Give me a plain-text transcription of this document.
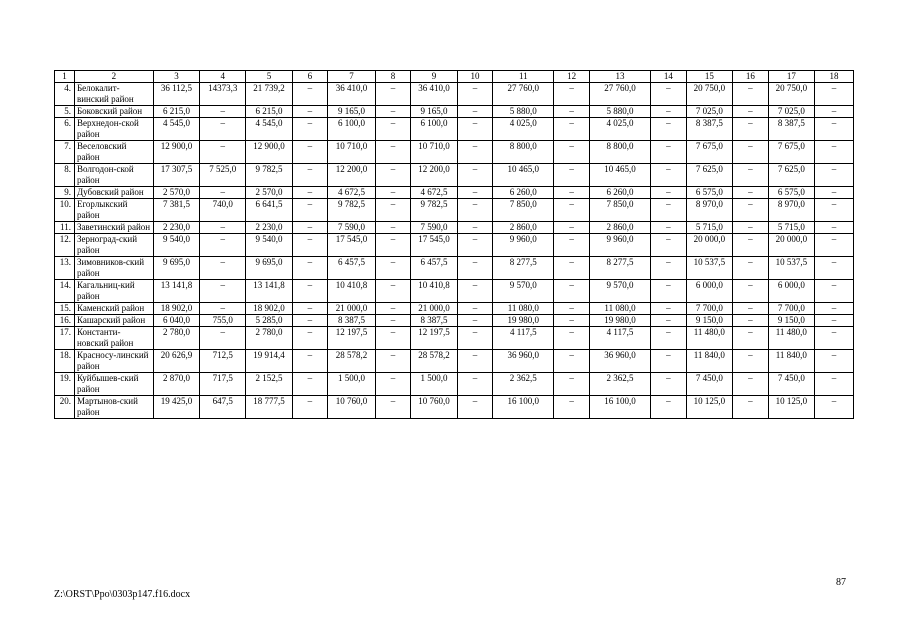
1	2	3	4	5	6	7	8	9	10	11	12	13	14	15	16	17	18
4.	Белокалит-винский район	36 112,5	14373,3	21 739,2	–	36 410,0	–	36 410,0	–	27 760,0	–	27 760,0	–	20 750,0	–	20 750,0	–
5.	Боковский район	6 215,0	–	6 215,0	–	9 165,0	–	9 165,0	–	5 880,0	–	5 880,0	–	7 025,0	–	7 025,0	–
6.	Верхнедон-ской район	4 545,0	–	4 545,0	–	6 100,0	–	6 100,0	–	4 025,0	–	4 025,0	–	8 387,5	–	8 387,5	–
7.	Веселовский район	12 900,0	–	12 900,0	–	10 710,0	–	10 710,0	–	8 800,0	–	8 800,0	–	7 675,0	–	7 675,0	–
8.	Волгодон-ской район	17 307,5	7 525,0	9 782,5	–	12 200,0	–	12 200,0	–	10 465,0	–	10 465,0	–	7 625,0	–	7 625,0	–
9.	Дубовский район	2 570,0	–	2 570,0	–	4 672,5	–	4 672,5	–	6 260,0	–	6 260,0	–	6 575,0	–	6 575,0	–
10.	Егорлыкский район	7 381,5	740,0	6 641,5	–	9 782,5	–	9 782,5	–	7 850,0	–	7 850,0	–	8 970,0	–	8 970,0	–
11.	Заветинский район	2 230,0	–	2 230,0	–	7 590,0	–	7 590,0	–	2 860,0	–	2 860,0	–	5 715,0	–	5 715,0	–
12.	Зерноград-ский район	9 540,0	–	9 540,0	–	17 545,0	–	17 545,0	–	9 960,0	–	9 960,0	–	20 000,0	–	20 000,0	–
13.	Зимовников-ский район	9 695,0	–	9 695,0	–	6 457,5	–	6 457,5	–	8 277,5	–	8 277,5	–	10 537,5	–	10 537,5	–
14.	Кагальниц-кий район	13 141,8	–	13 141,8	–	10 410,8	–	10 410,8	–	9 570,0	–	9 570,0	–	6 000,0	–	6 000,0	–
15.	Каменский район	18 902,0	–	18 902,0	–	21 000,0	–	21 000,0	–	11 080,0	–	11 080,0	–	7 700,0	–	7 700,0	–
16.	Кашарский район	6 040,0	755,0	5 285,0	–	8 387,5	–	8 387,5	–	19 980,0	–	19 980,0	–	9 150,0	–	9 150,0	–
17.	Константи-новский район	2 780,0	–	2 780,0	–	12 197,5	–	12 197,5	–	4 117,5	–	4 117,5	–	11 480,0	–	11 480,0	–
18.	Красносу-линский район	20 626,9	712,5	19 914,4	–	28 578,2	–	28 578,2	–	36 960,0	–	36 960,0	–	11 840,0	–	11 840,0	–
19.	Куйбышев-ский район	2 870,0	717,5	2 152,5	–	1 500,0	–	1 500,0	–	2 362,5	–	2 362,5	–	7 450,0	–	7 450,0	–
20.	Мартынов-ский район	19 425,0	647,5	18 777,5	–	10 760,0	–	10 760,0	–	16 100,0	–	16 100,0	–	10 125,0	–	10 125,0	–
87
Z:\ORST\Ppo\0303p147.f16.docx
